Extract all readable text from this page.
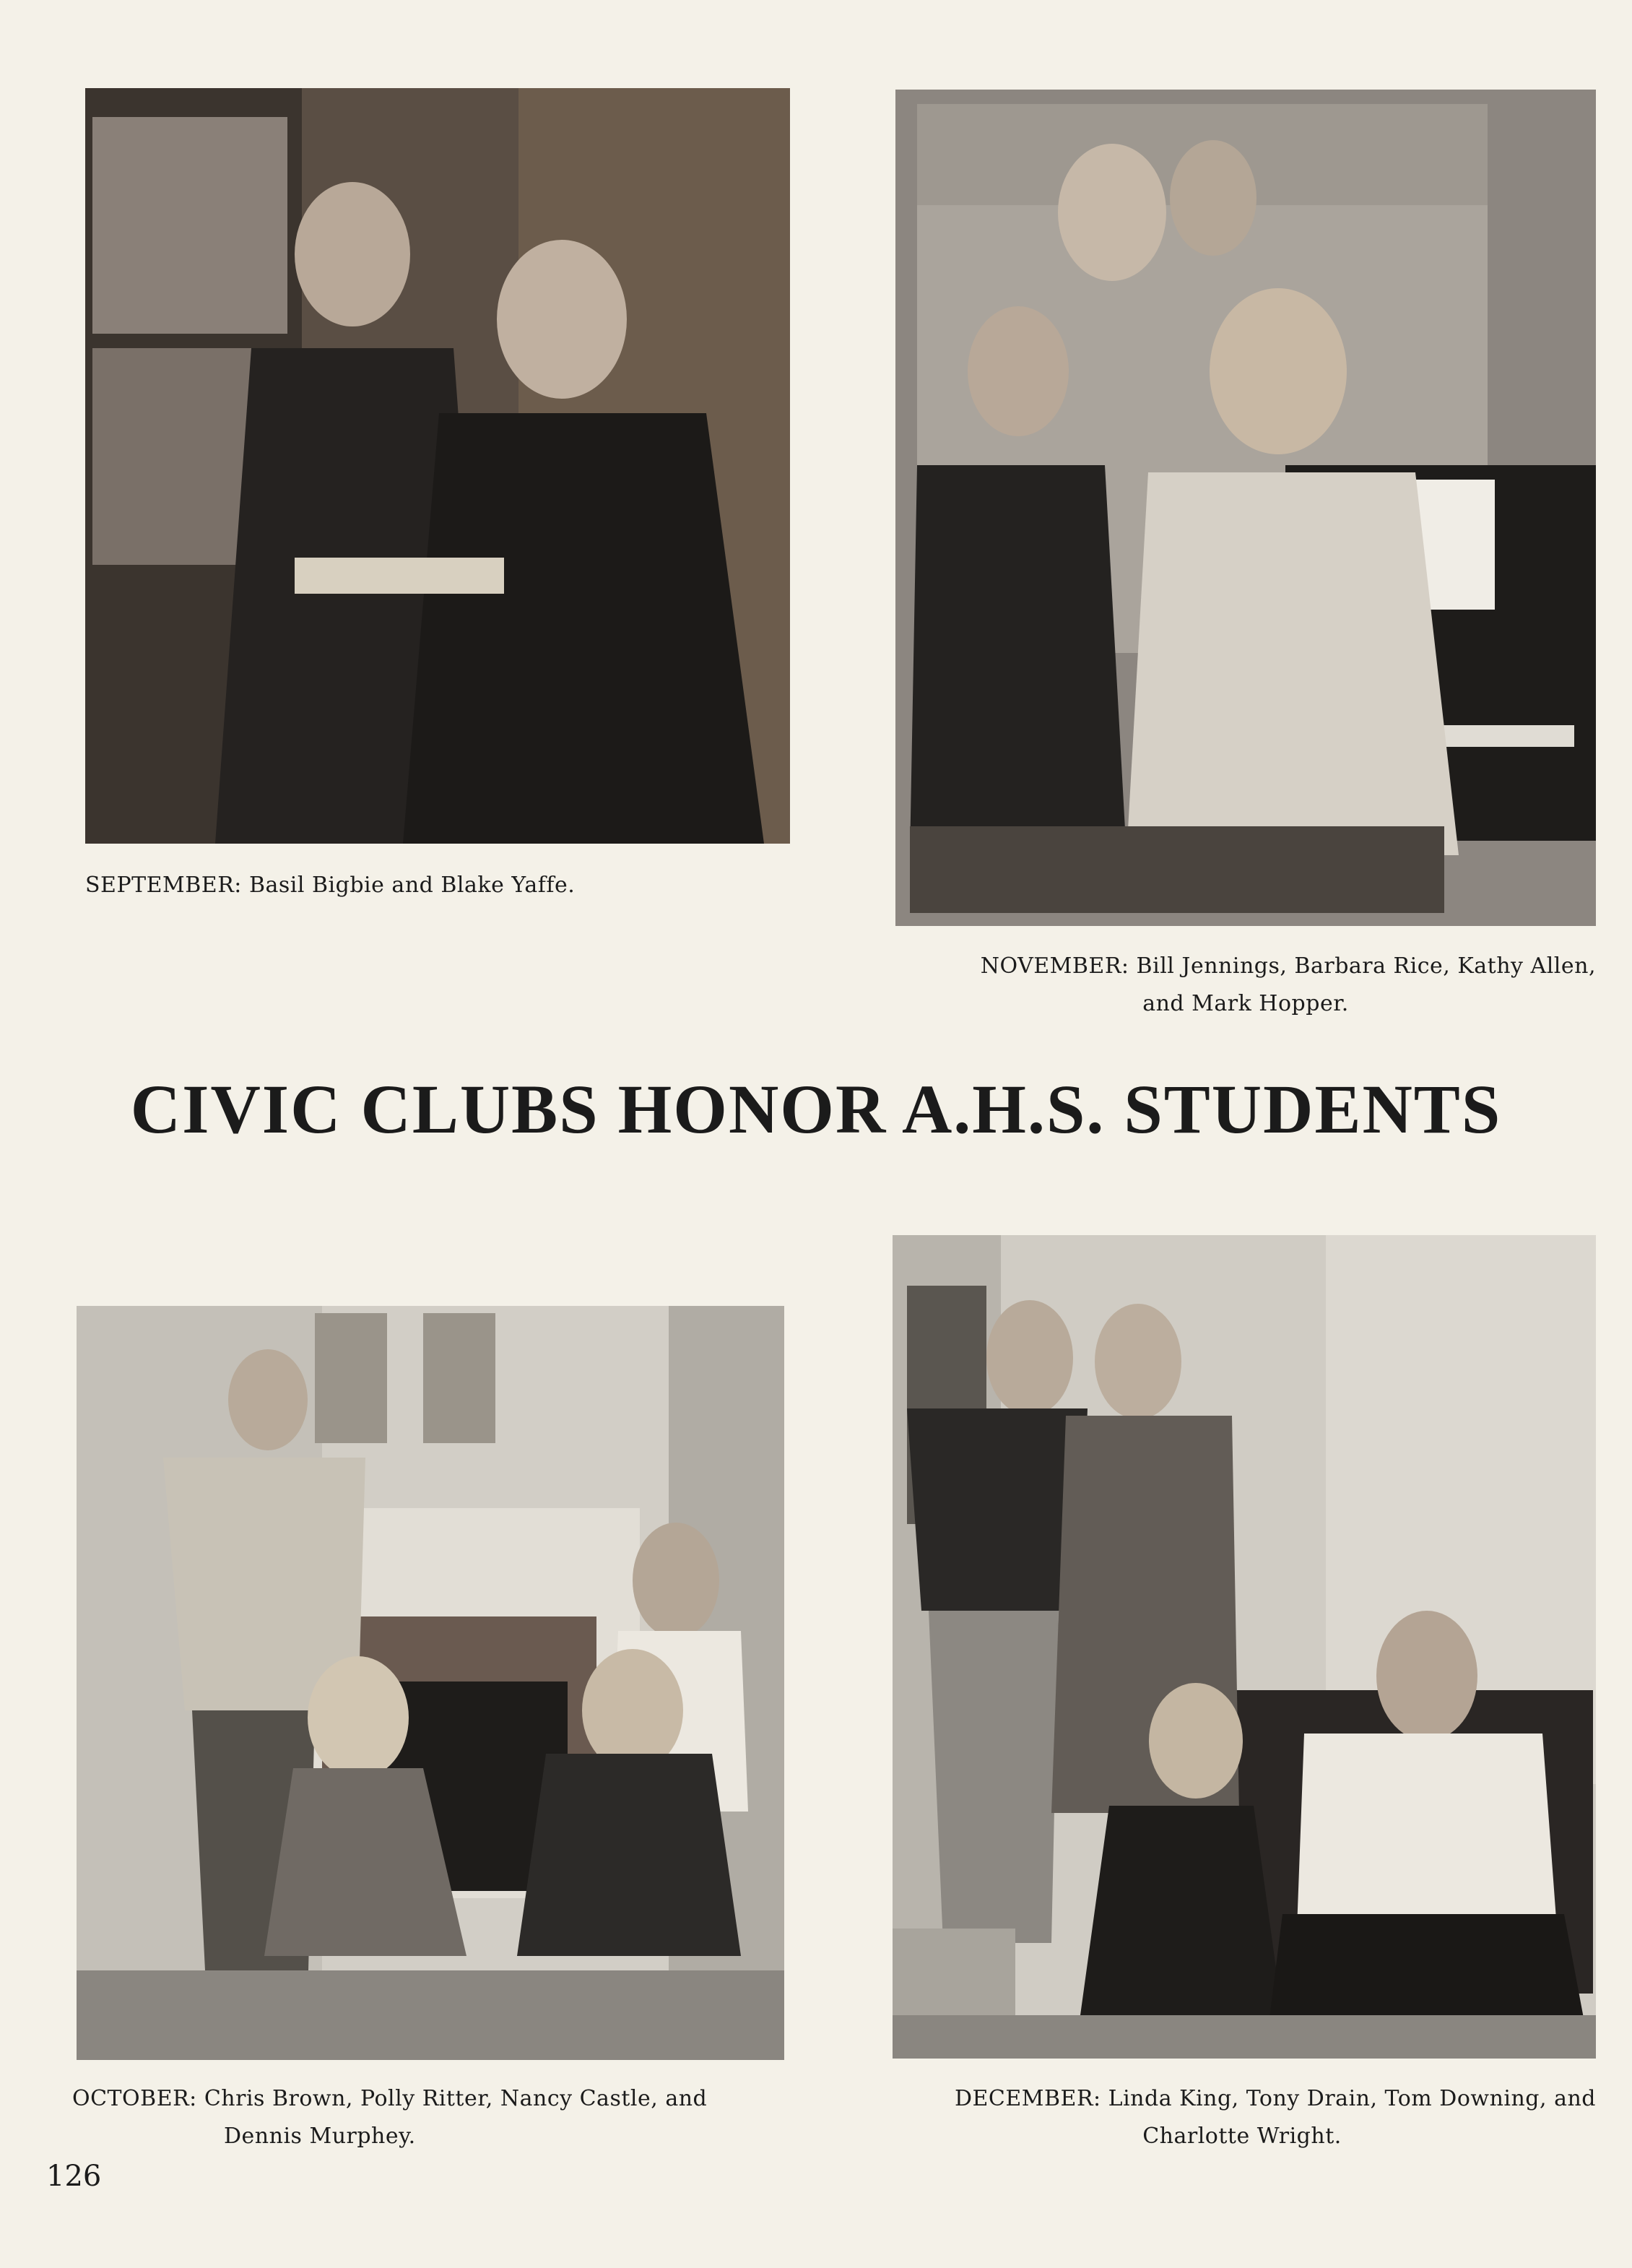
SEPTEMBER: Basil Bigbie and Blake Yaffe.
NOVEMBER: Bill Jennings, Barbara Rice, Kathy Allen,
and Mark Hopper.
CIVIC CLUBS HONOR A.H.S. STUDENTS
OCTOBER: Chris Brown, Polly Ritter, Nancy Castle, and
Dennis Murphey.
DECEMBER: Linda King, Tony Drain, Tom Downing, and
Charlotte Wright.
126
